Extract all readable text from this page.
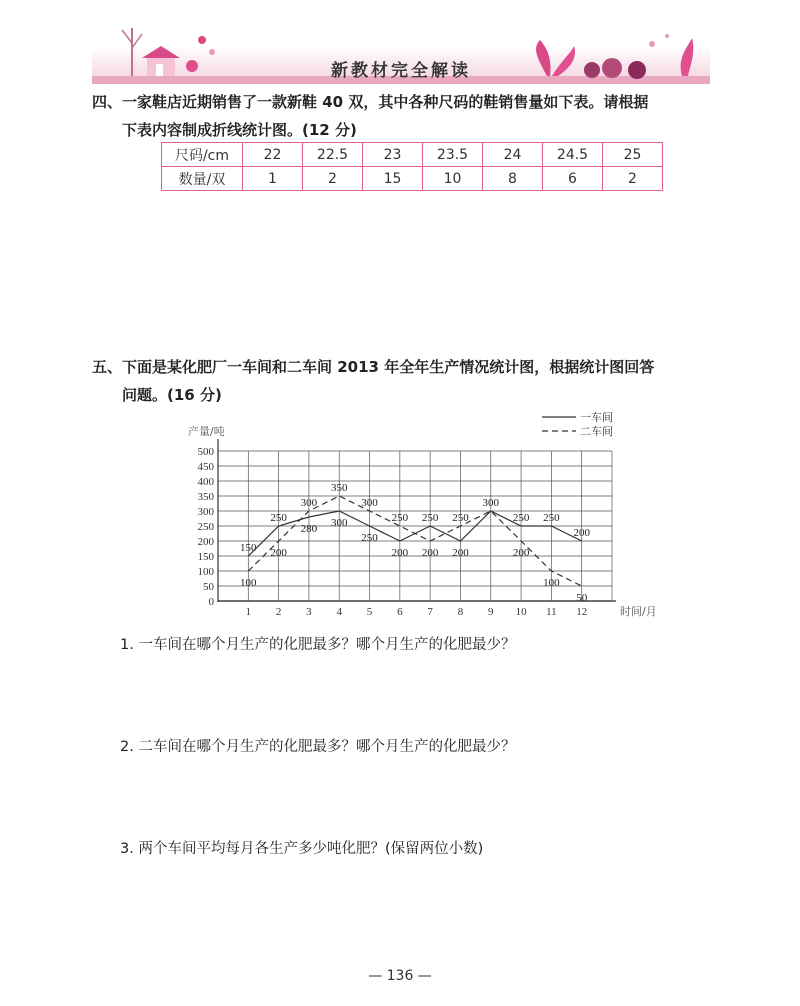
新教材完全解读
四、一家鞋店近期销售了一款新鞋 40 双，其中各种尺码的鞋销售量如下表。请根据
下表内容制成折线统计图。(12 分)
尺码/cm	22	22.5	23	23.5	24	24.5	25
数量/双	1	2	15	10	8	6	2
五、下面是某化肥厂一车间和二车间 2013 年全年生产情况统计图，根据统计图回答
问题。(16 分)
0
50
100
150
200
250
300
350
400
450
500
1 2 3 4 5 6 7 8 9 10 11 12
产量/吨
时间/月
150
100
250
200
280
300
300
350
250
300
200
250 250
200 200
250
300
250
200
250
100
200
50
一车间
二车间
1. 一车间在哪个月生产的化肥最多？哪个月生产的化肥最少？
2. 二车间在哪个月生产的化肥最多？哪个月生产的化肥最少？
3. 两个车间平均每月各生产多少吨化肥？(保留两位小数)
— 136 —
